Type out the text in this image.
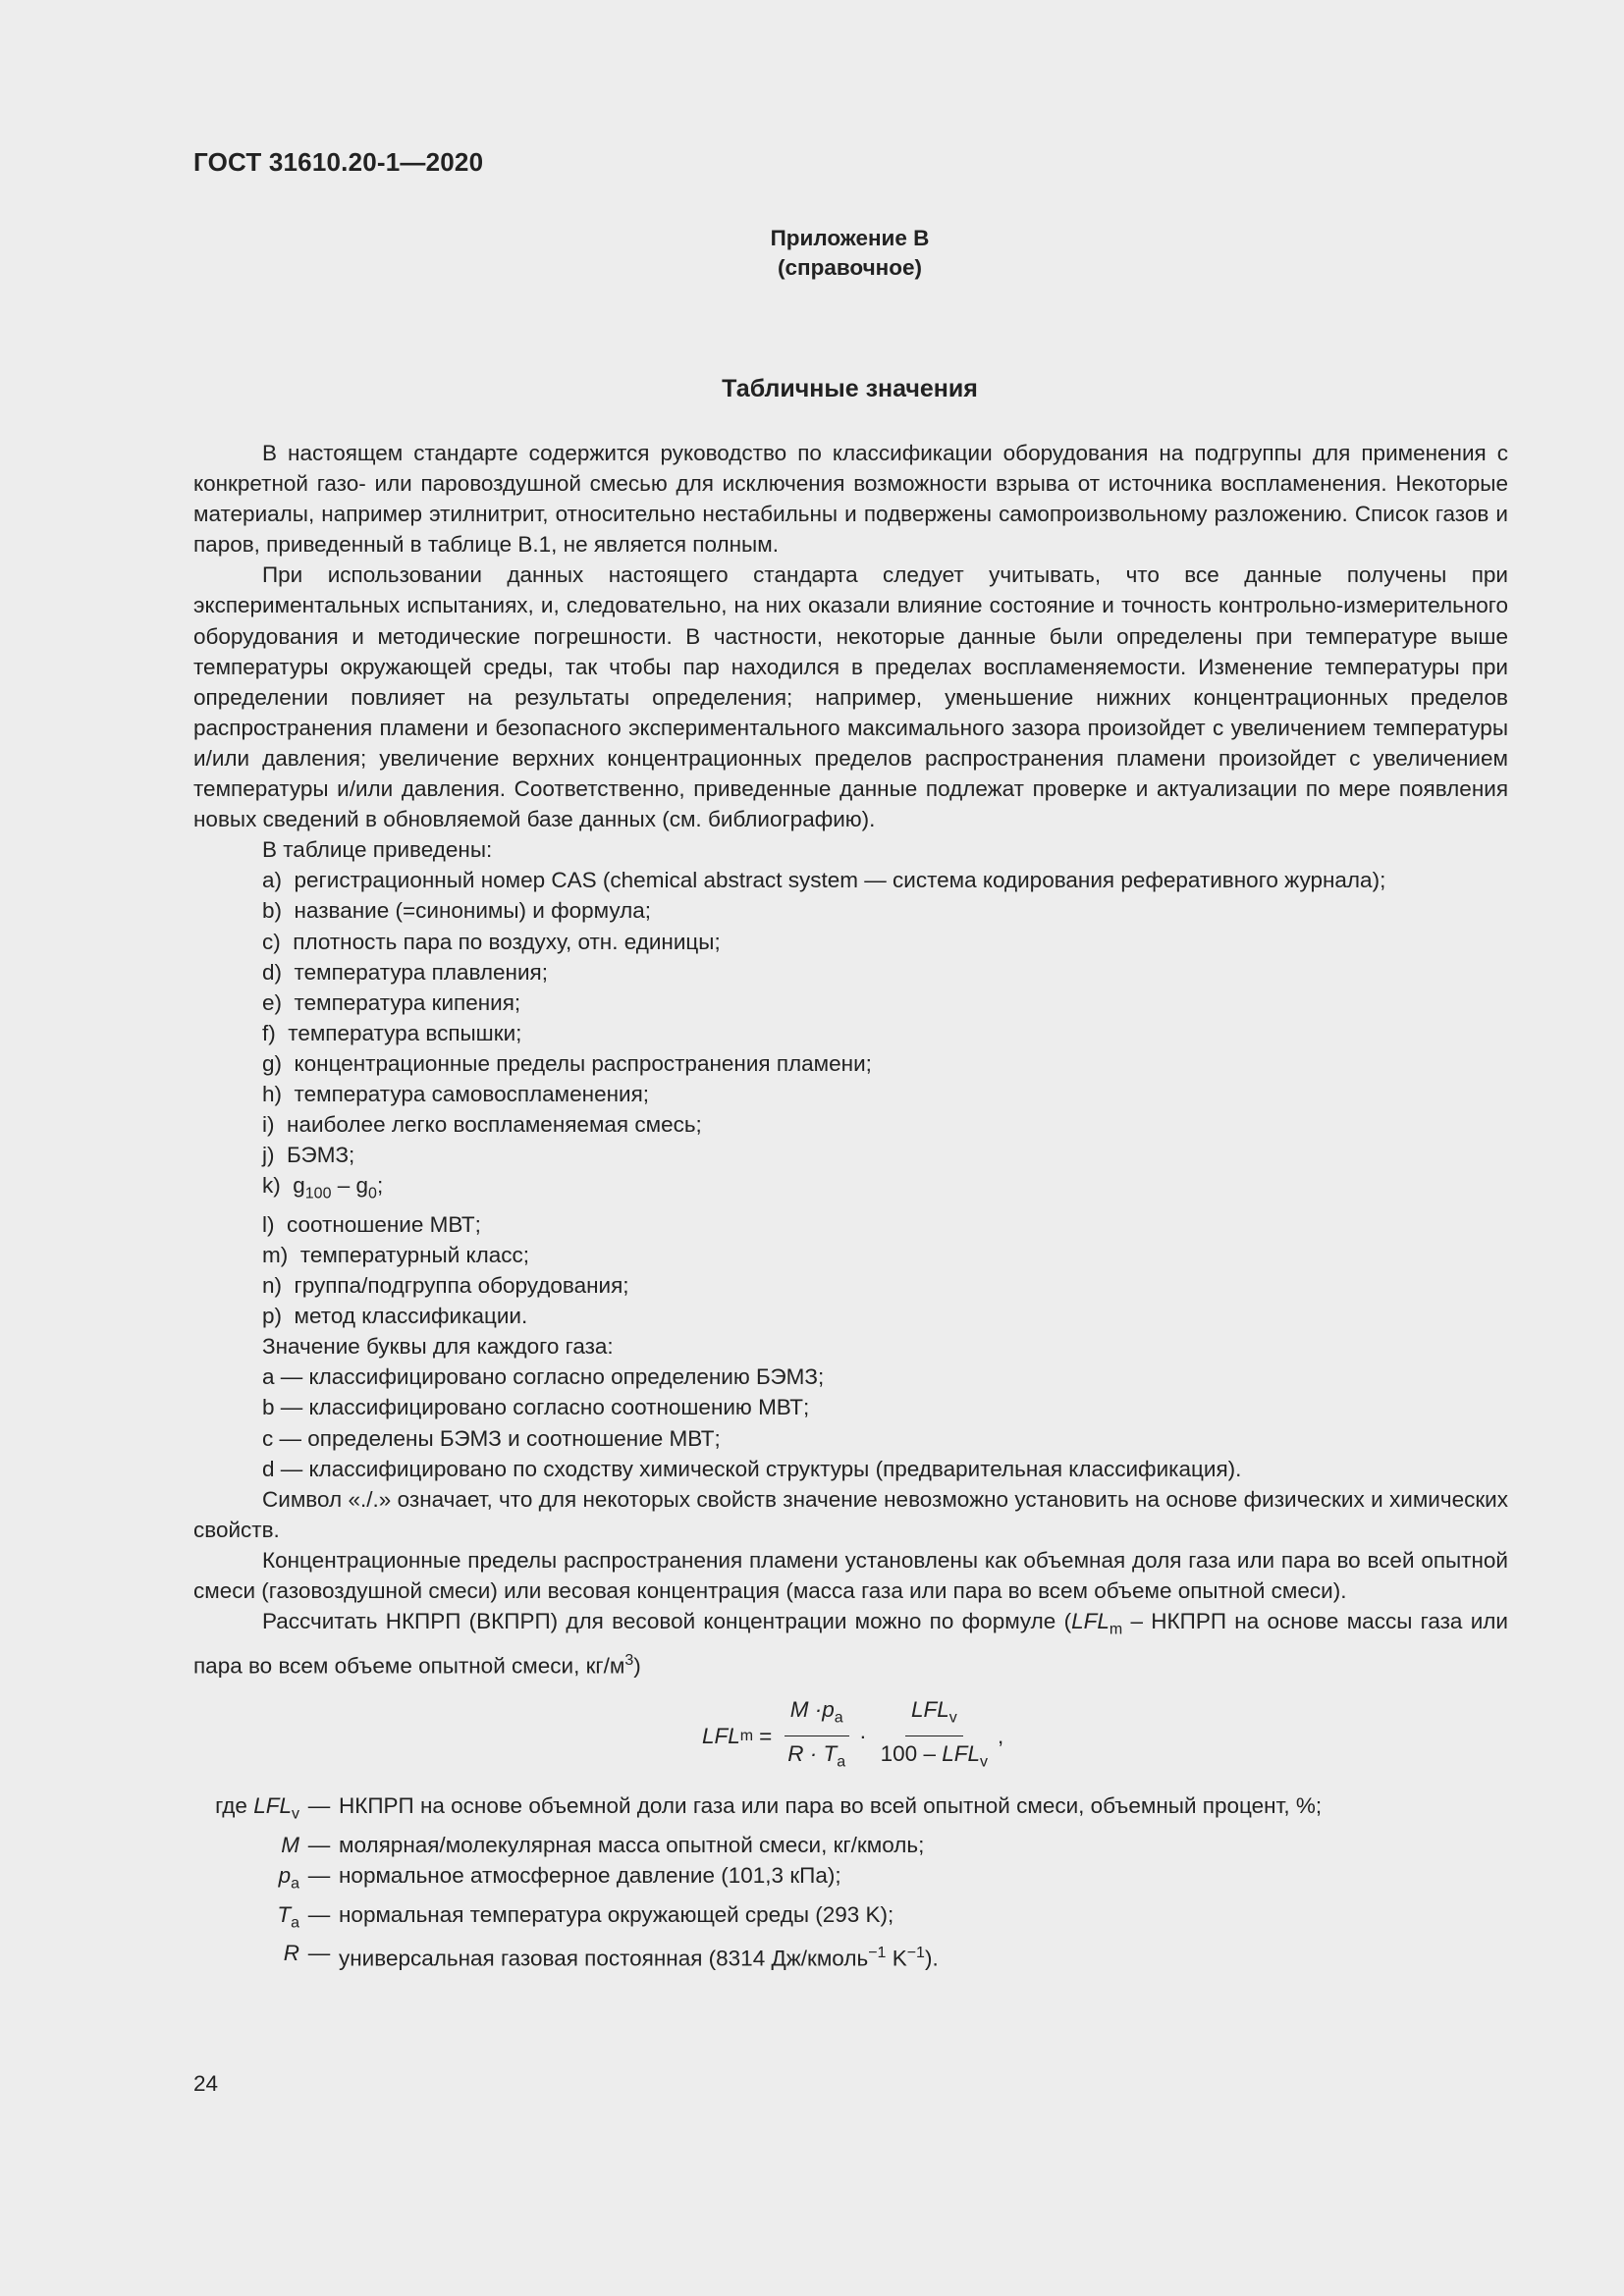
ГОСТ 31610.20-1—2020
Приложение В
(справочное)
Табличные значения

В настоящем стандарте содержится руководство по классификации оборудования на подгруппы для применения с конкретной газо- или паровоздушной смесью для исключения возможности взрыва от источника воспламенения. Некоторые материалы, например этилнитрит, относительно нестабильны и подвержены самопроизвольному разложению. Список газов и паров, приведенный в таблице В.1, не является полным.

При использовании данных настоящего стандарта следует учитывать, что все данные получены при экспериментальных испытаниях, и, следовательно, на них оказали влияние состояние и точность контрольно-измерительного оборудования и методические погрешности. В частности, некоторые данные были определены при температуре выше температуры окружающей среды, так чтобы пар находился в пределах воспламеняемости. Изменение температуры при определении повлияет на результаты определения; например, уменьшение нижних концентрационных пределов распространения пламени и безопасного экспериментального максимального зазора произойдет с увеличением температуры и/или давления; увеличение верхних концентрационных пределов распространения пламени произойдет с увеличением температуры и/или давления. Соответственно, приведенные данные подлежат проверке и актуализации по мере появления новых сведений в обновляемой базе данных (см. библиографию).

В таблице приведены:

a) регистрационный номер CAS (chemical abstract system — система кодирования реферативного журнала);
b) название (=синонимы) и формула;
c) плотность пара по воздуху, отн. единицы;
d) температура плавления;
e) температура кипения;
f) температура вспышки;
g) концентрационные пределы распространения пламени;
h) температура самовоспламенения;
i) наиболее легко воспламеняемая смесь;
j) БЭМЗ;
k) $g_{100} - g_0$;
l) соотношение МВТ;
m) температурный класс;
n) группа/подгруппа оборудования;
p) метод классификации.

Значение буквы для каждого газа:

a — классифицировано согласно определению БЭМЗ;
b — классифицировано согласно соотношению МВТ;
c — определены БЭМЗ и соотношение МВТ;
d — классифицировано по сходству химической структуры (предварительная классификация).

Символ «./.» означает, что для некоторых свойств значение невозможно установить на основе физических и химических свойств.

Концентрационные пределы распространения пламени установлены как объемная доля газа или пара во всей опытной смеси (газовоздушной смеси) или весовая концентрация (масса газа или пара во всем объеме опытной смеси).

Рассчитать НКПРП (ВКПРП) для весовой концентрации можно по формуле ($LFL_m$ – НКПРП на основе массы газа или пара во всем объеме опытной смеси, $кг/м^3$)

LFL $m = \frac{M \cdot p_a}{R \cdot T_a} \cdot \frac{LFL_v}{100 - LFL_v}$ ,
где $LFL_v$ — НКПРП на основе объемной доли газа или пара во всей опытной смеси, объемный процент, %;
M — молярная/молекулярная масса опытной смеси, кг/кмоль;
$p_a$ — нормальное атмосферное давление (101,3 кПа);
$T_a$ — нормальная температура окружающей среды (293 K);
R — универсальная газовая постоянная (8314 Дж/кмоль$^{-1}$ $K^{-1}$).
24
